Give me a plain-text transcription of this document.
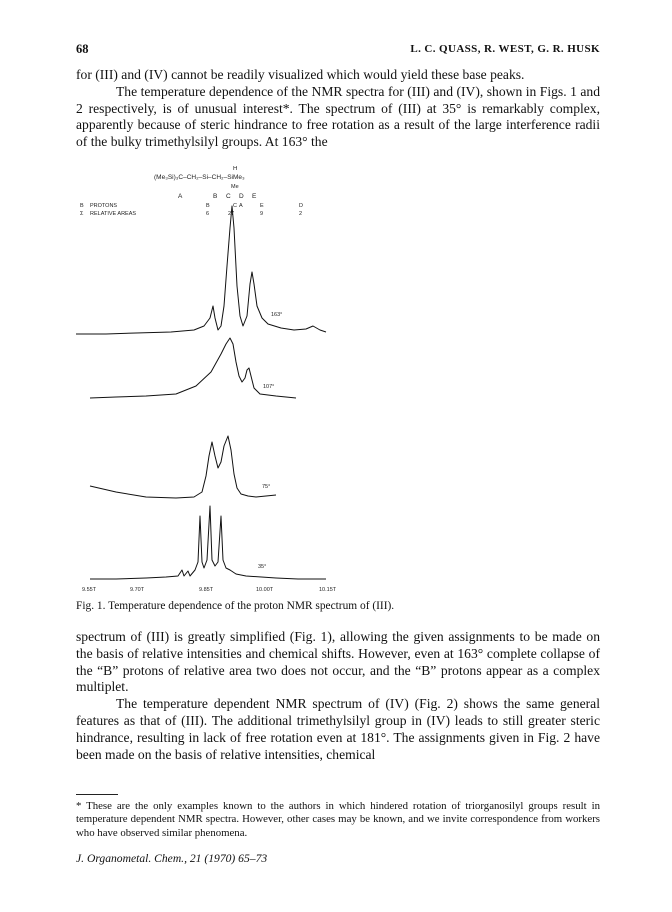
68	L. C. QUASS, R. WEST, G. R. HUSK

for (III) and (IV) cannot be readily visualized which would yield these base peaks.

The temperature dependence of the NMR spectra for (III) and (IV), shown in Figs. 1 and 2 respectively, is of unusual interest*. The spectrum of (III) at 35° is remarkably complex, apparently because of steric hindrance to free rotation as a result of the large interference radii of the bulky trimethylsilyl groups. At 163° the

(Me₃Si)₃C–CH₂–Si–CH₂–SiMe₃
H
Me
A	B C D E
B PROTONS	B	C A	E	D
Σ RELATIVE AREAS	6	27	9	2
163°
107°
75°
35°
9.55T	9.70T	9.85T	10.00T	10.15T
Fig. 1. Temperature dependence of the proton NMR spectrum of (III).

spectrum of (III) is greatly simplified (Fig. 1), allowing the given assignments to be made on the basis of relative intensities and chemical shifts. However, even at 163° complete collapse of the “B” protons of relative area two does not occur, and the “B” protons appear as a complex multiplet.

The temperature dependent NMR spectrum of (IV) (Fig. 2) shows the same general features as that of (III). The additional trimethylsilyl group in (IV) leads to still greater steric hindrance, resulting in lack of free rotation even at 181°. The assignments given in Fig. 2 have been made on the basis of relative intensities, chemical

* These are the only examples known to the authors in which hindered rotation of triorganosilyl groups result in temperature dependent NMR spectra. However, other cases may be known, and we invite correspondence from workers who have observed similar phenomena.
J. Organometal. Chem., 21 (1970) 65–73
